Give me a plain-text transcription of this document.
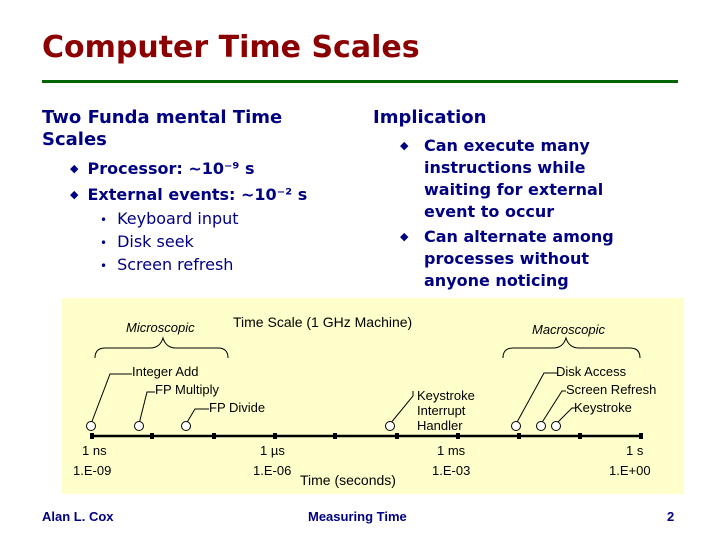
Computer Time Scales
Two Funda mental Time
Scales
◆ Processor: ~10⁻⁹ s
◆ External events: ~10⁻² s
• Keyboard input
• Disk seek
• Screen refresh
Implication
◆ Can execute many
instructions while
waiting for external
event to occur
◆ Can alternate among
processes without
anyone noticing
Microscopic	Time Scale (1 GHz Machine)	Macroscopic
Integer Add
FP Multiply
FP Divide
Keystroke
Interrupt
Handler
Disk Access
Screen Refresh
Keystroke
1 ns	1 µs	1 ms	1 s
1.E-09	1.E-06	1.E-03	1.E+00
Time (seconds)
Alan L. Cox	Measuring Time	2
